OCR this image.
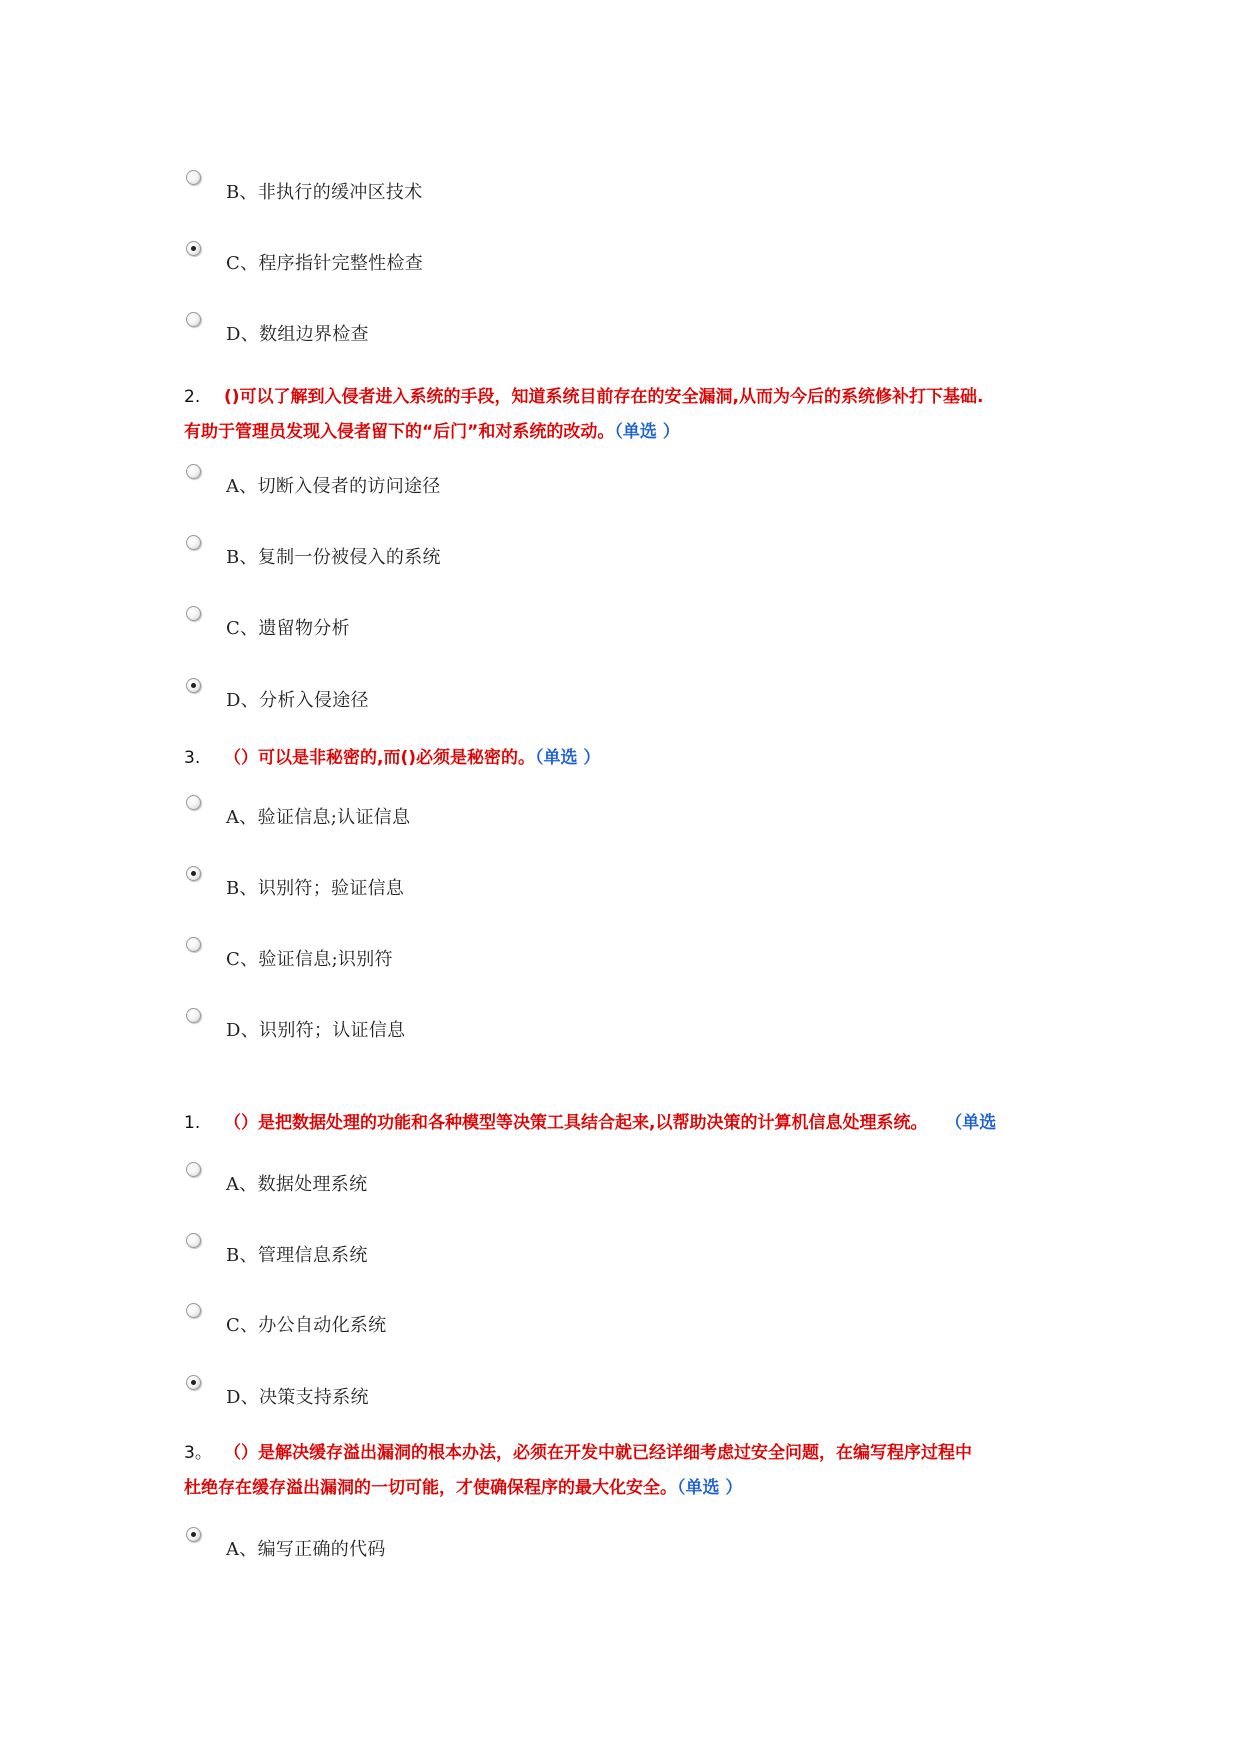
B、非执行的缓冲区技术
C、程序指针完整性检查
D、数组边界检查
2. ()可以了解到入侵者进入系统的手段，知道系统目前存在的安全漏洞,从而为今后的系统修补打下基础.
有助于管理员发现入侵者留下的“后门”和对系统的改动。（单选 ）
A、切断入侵者的访问途径
B、复制一份被侵入的系统
C、遗留物分析
D、分析入侵途径
3. （）可以是非秘密的,而()必须是秘密的。（单选 ）
A、验证信息;认证信息
B、识别符；验证信息
C、验证信息;识别符
D、识别符；认证信息
1. （）是把数据处理的功能和各种模型等决策工具结合起来,以帮助决策的计算机信息处理系统。 （单选
A、数据处理系统
B、管理信息系统
C、办公自动化系统
D、决策支持系统
3。 （）是解决缓存溢出漏洞的根本办法，必须在开发中就已经详细考虑过安全问题，在编写程序过程中
杜绝存在缓存溢出漏洞的一切可能，才使确保程序的最大化安全。（单选 ）
A、编写正确的代码
